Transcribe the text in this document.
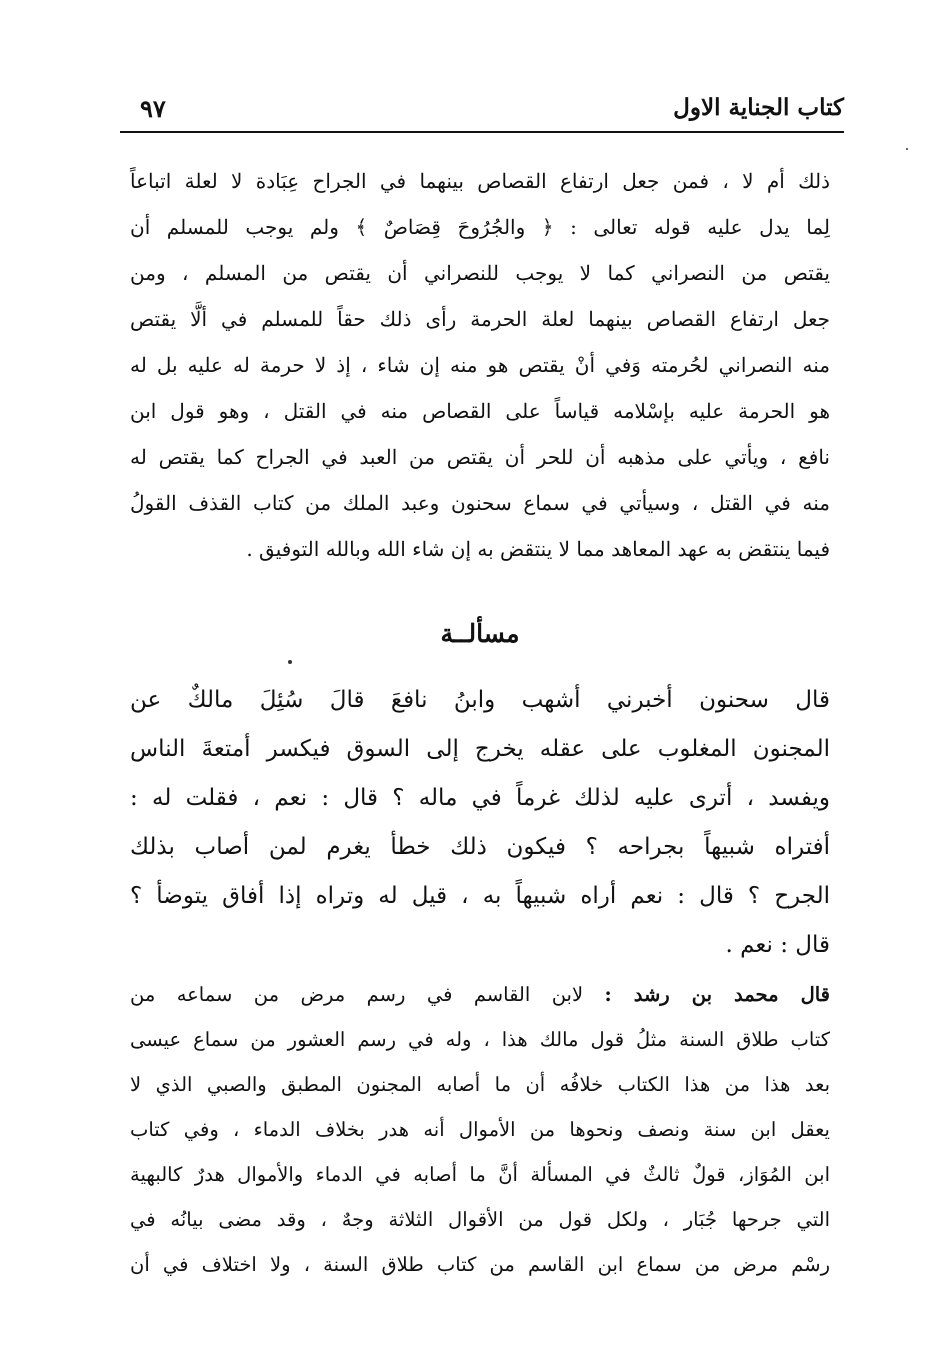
كتاب الجناية الاول
٩٧
ذلك أم لا ، فمن جعل ارتفاع القصاص بينهما في الجراح عِبَادة لا لعلة اتباعاً
لِما يدل عليه قوله تعالى : ﴿ والجُرُوحَ قِصَاصٌ ﴾ ولم يوجب للمسلم أن
يقتص من النصراني كما لا يوجب للنصراني أن يقتص من المسلم ، ومن
جعل ارتفاع القصاص بينهما لعلة الحرمة رأى ذلك حقاً للمسلم في ألَّا يقتص
منه النصراني لحُرمته وَفي أنْ يقتص هو منه إن شاء ، إذ لا حرمة له عليه بل له
هو الحرمة عليه بإسْلامه قياساً على القصاص منه في القتل ، وهو قول ابن
نافع ، ويأتي على مذهبه أن للحر أن يقتص من العبد في الجراح كما يقتص له
منه في القتل ، وسيأتي في سماع سحنون وعبد الملك من كتاب القذف القولُ
فيما ينتقض به عهد المعاهد مما لا ينتقض به إن شاء الله وبالله التوفيق .
مسألــة
قال سحنون أخبرني أشهب وابنُ نافعَ قالَ سُئِلَ مالكٌ عن
المجنون المغلوب على عقله يخرج إلى السوق فيكسر أمتعةَ الناس
ويفسد ، أترى عليه لذلك غرماً في ماله ؟ قال : نعم ، فقلت له :
أفتراه شبيهاً بجراحه ؟ فيكون ذلك خطأ يغرم لمن أصاب بذلك
الجرح ؟ قال : نعم أراه شبيهاً به ، قيل له وتراه إذا أفاق يتوضأ ؟
قال : نعم .
قال محمد بن رشد : لابن القاسم في رسم مرض من سماعه من
كتاب طلاق السنة مثلُ قول مالك هذا ، وله في رسم العشور من سماع عيسى
بعد هذا من هذا الكتاب خلافُه أن ما أصابه المجنون المطبق والصبي الذي لا
يعقل ابن سنة ونصف ونحوها من الأموال أنه هدر بخلاف الدماء ، وفي كتاب
ابن المُوَاز، قولٌ ثالثٌ في المسألة أنَّ ما أصابه في الدماء والأموال هدرٌ كالبهية
التي جرحها جُبَار ، ولكل قول من الأقوال الثلاثة وجهٌ ، وقد مضى بيانُه في
رسْم مرض من سماع ابن القاسم من كتاب طلاق السنة ، ولا اختلاف في أن
